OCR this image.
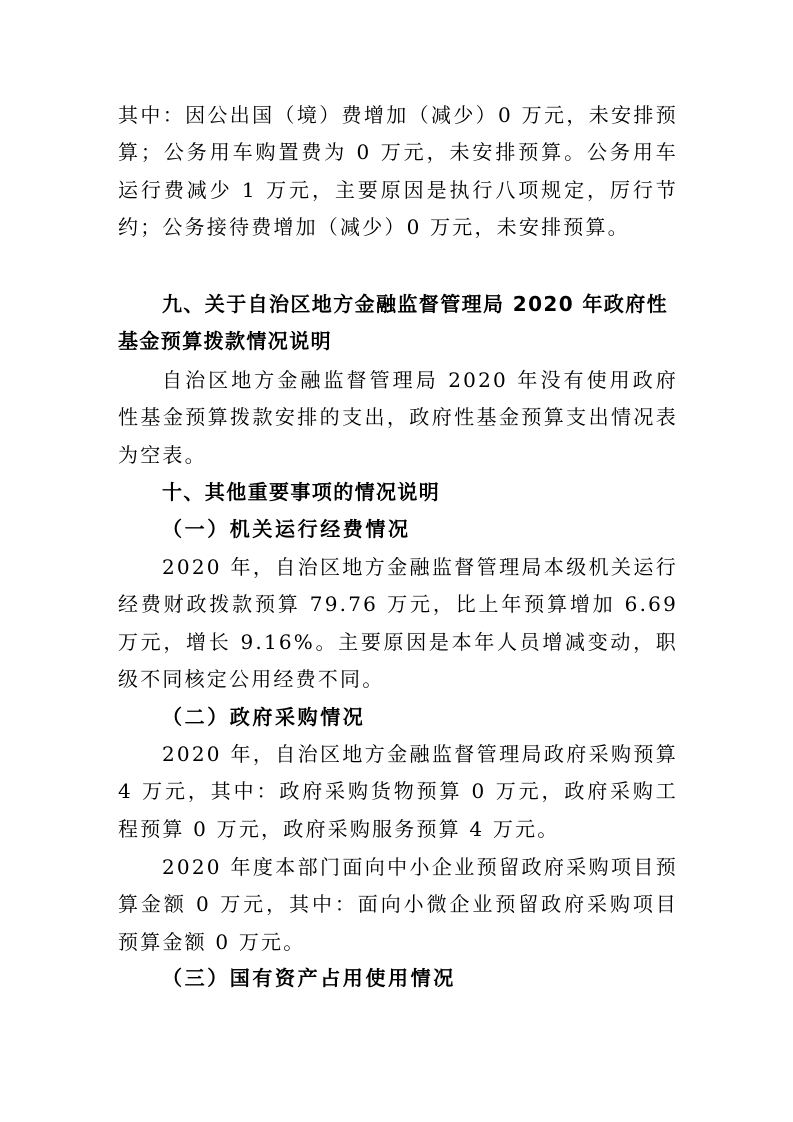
其中：因公出国（境）费增加（减少）0 万元，未安排预算；公务用车购置费为 0 万元，未安排预算。公务用车运行费减少 1 万元，主要原因是执行八项规定，厉行节约；公务接待费增加（减少）0 万元，未安排预算。

九、关于自治区地方金融监督管理局 2020 年政府性基金预算拨款情况说明

自治区地方金融监督管理局 2020 年没有使用政府性基金预算拨款安排的支出，政府性基金预算支出情况表为空表。

十、其他重要事项的情况说明

（一）机关运行经费情况

2020 年，自治区地方金融监督管理局本级机关运行经费财政拨款预算 79.76 万元，比上年预算增加 6.69 万元，增长 9.16%。主要原因是本年人员增减变动，职级不同核定公用经费不同。

（二）政府采购情况

2020 年，自治区地方金融监督管理局政府采购预算 4 万元，其中：政府采购货物预算 0 万元，政府采购工程预算 0 万元，政府采购服务预算 4 万元。

2020 年度本部门面向中小企业预留政府采购项目预算金额 0 万元，其中：面向小微企业预留政府采购项目预算金额 0 万元。

（三）国有资产占用使用情况
